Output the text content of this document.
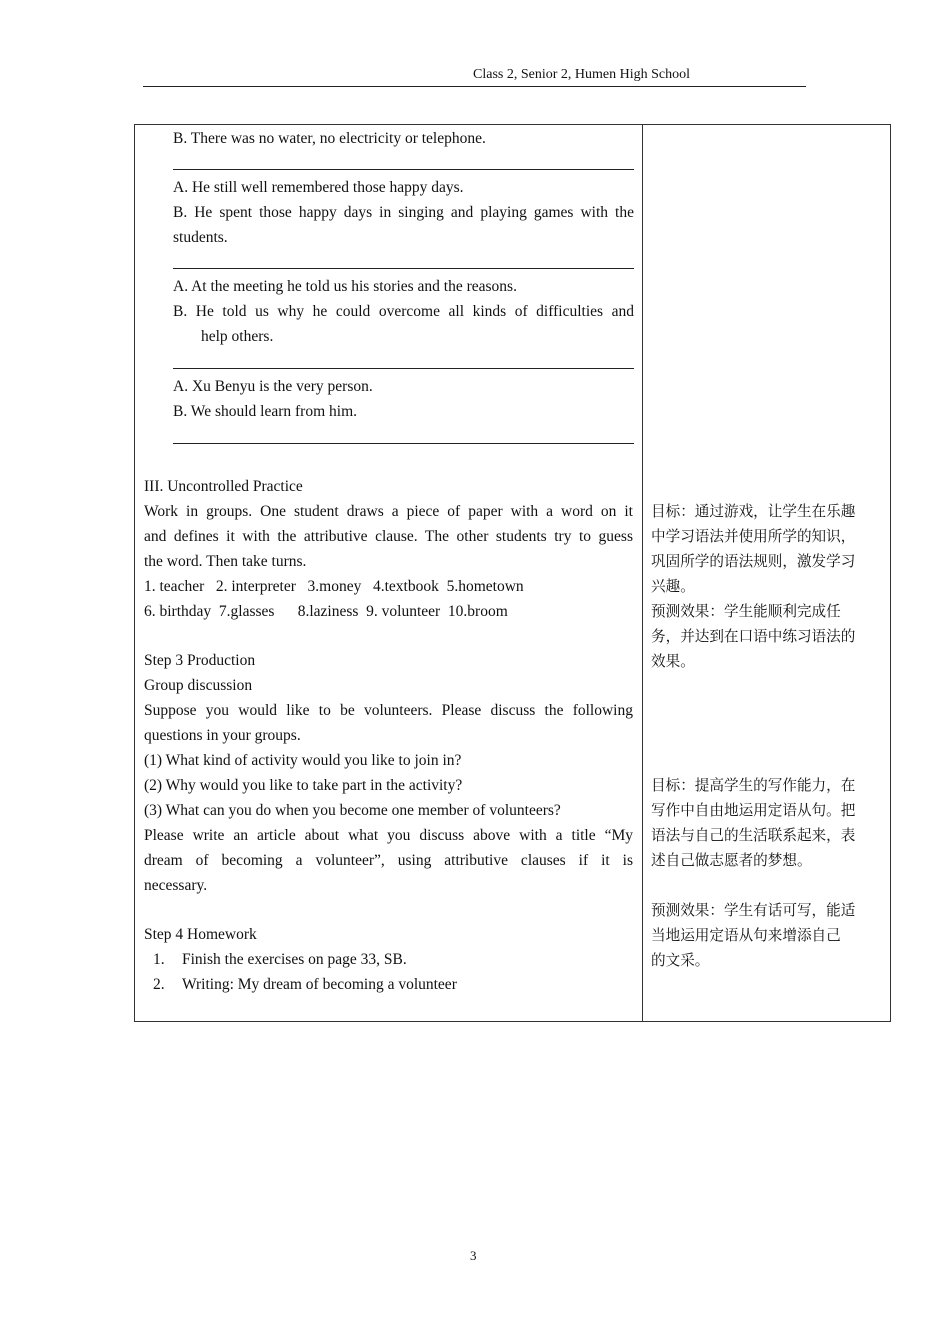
Class 2, Senior 2, Humen High School
B. There was no water, no electricity or telephone.
A. He still well remembered those happy days.
B. He spent those happy days in singing and playing games with the
students.
A. At the meeting he told us his stories and the reasons.
B. He told us why he could overcome all kinds of difficulties and
help others.
A. Xu Benyu is the very person.
B. We should learn from him.
III. Uncontrolled Practice
Work in groups. One student draws a piece of paper with a word on it
and defines it with the attributive clause. The other students try to guess
the word. Then take turns.
1. teacher   2. interpreter   3.money   4.textbook  5.hometown
6. birthday  7.glasses      8.laziness  9. volunteer  10.broom
Step 3 Production
Group discussion
Suppose you would like to be volunteers. Please discuss the following
questions in your groups.
(1) What kind of activity would you like to join in?
(2) Why would you like to take part in the activity?
(3) What can you do when you become one member of volunteers?
Please write an article about what you discuss above with a title “My
dream of becoming a volunteer”, using attributive clauses if it is
necessary.
Step 4 Homework
1. Finish the exercises on page 33, SB.
2. Writing: My dream of becoming a volunteer
目标：通过游戏，让学生在乐趣
中学习语法并使用所学的知识，
巩固所学的语法规则，激发学习
兴趣。
预测效果：学生能顺利完成任
务，并达到在口语中练习语法的
效果。
目标：提高学生的写作能力，在
写作中自由地运用定语从句。把
语法与自己的生活联系起来，表
述自己做志愿者的梦想。
预测效果：学生有话可写，能适
当地运用定语从句来增添自己
的文采。
3
